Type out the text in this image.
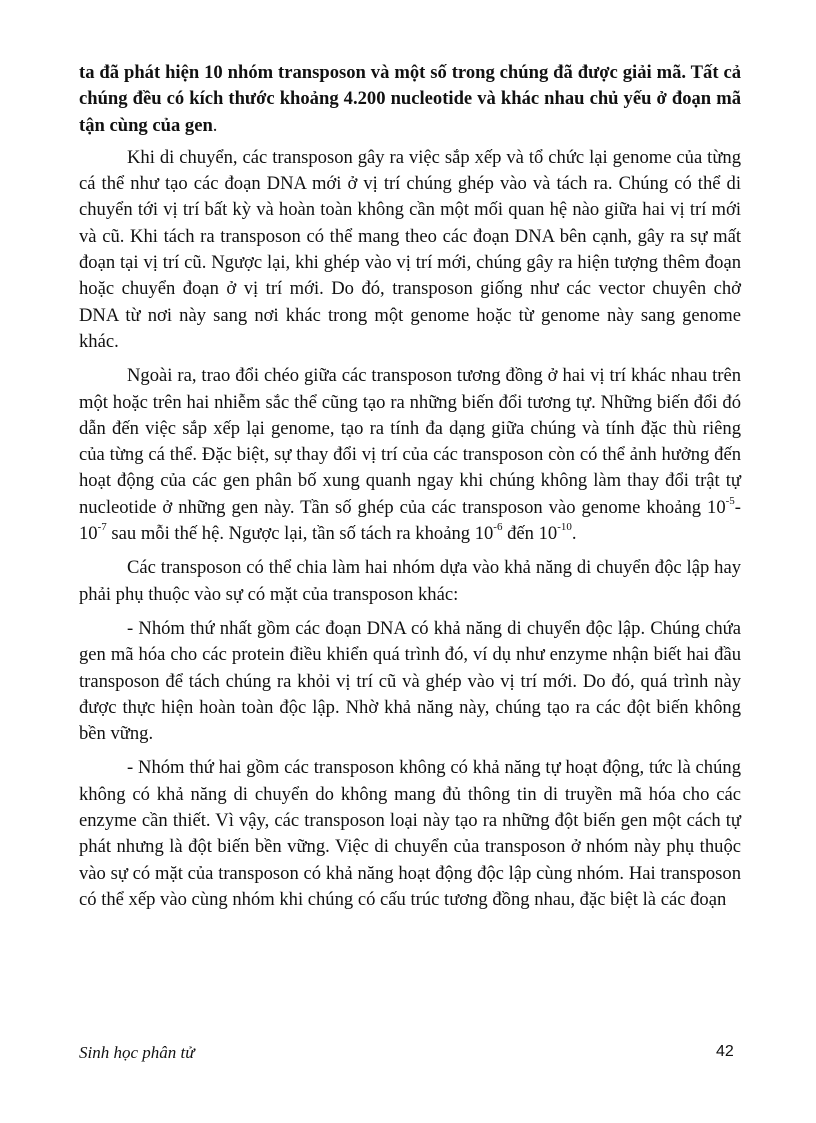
ta đã phát hiện 10 nhóm transposon và một số trong chúng đã được giải mã. Tất cả chúng đều có kích thước khoảng 4.200 nucleotide và khác nhau chủ yếu ở đoạn mã tận cùng của gen.

Khi di chuyển, các transposon gây ra việc sắp xếp và tổ chức lại genome của từng cá thể như tạo các đoạn DNA mới ở vị trí chúng ghép vào và tách ra. Chúng có thể di chuyển tới vị trí bất kỳ và hoàn toàn không cần một mối quan hệ nào giữa hai vị trí mới và cũ. Khi tách ra transposon có thể mang theo các đoạn DNA bên cạnh, gây ra sự mất đoạn tại vị trí cũ. Ngược lại, khi ghép vào vị trí mới, chúng gây ra hiện tượng thêm đoạn hoặc chuyển đoạn ở vị trí mới. Do đó, transposon giống như các vector chuyên chở DNA từ nơi này sang nơi khác trong một genome hoặc từ genome này sang genome khác.

Ngoài ra, trao đổi chéo giữa các transposon tương đồng ở hai vị trí khác nhau trên một hoặc trên hai nhiễm sắc thể cũng tạo ra những biến đổi tương tự. Những biến đổi đó dẫn đến việc sắp xếp lại genome, tạo ra tính đa dạng giữa chúng và tính đặc thù riêng của từng cá thể. Đặc biệt, sự thay đổi vị trí của các transposon còn có thể ảnh hưởng đến hoạt động của các gen phân bố xung quanh ngay khi chúng không làm thay đổi trật tự nucleotide ở những gen này. Tần số ghép của các transposon vào genome khoảng $10^{-5}-10^{-7}$ sau mỗi thế hệ. Ngược lại, tần số tách ra khoảng $10^{-6}$ đến $10^{-10}$.

Các transposon có thể chia làm hai nhóm dựa vào khả năng di chuyển độc lập hay phải phụ thuộc vào sự có mặt của transposon khác:

- Nhóm thứ nhất gồm các đoạn DNA có khả năng di chuyển độc lập. Chúng chứa gen mã hóa cho các protein điều khiển quá trình đó, ví dụ như enzyme nhận biết hai đầu transposon để tách chúng ra khỏi vị trí cũ và ghép vào vị trí mới. Do đó, quá trình này được thực hiện hoàn toàn độc lập. Nhờ khả năng này, chúng tạo ra các đột biến không bền vững.

- Nhóm thứ hai gồm các transposon không có khả năng tự hoạt động, tức là chúng không có khả năng di chuyển do không mang đủ thông tin di truyền mã hóa cho các enzyme cần thiết. Vì vậy, các transposon loại này tạo ra những đột biến gen một cách tự phát nhưng là đột biến bền vững. Việc di chuyển của transposon ở nhóm này phụ thuộc vào sự có mặt của transposon có khả năng hoạt động độc lập cùng nhóm. Hai transposon có thể xếp vào cùng nhóm khi chúng có cấu trúc tương đồng nhau, đặc biệt là các đoạn

Sinh học phân tử	42
